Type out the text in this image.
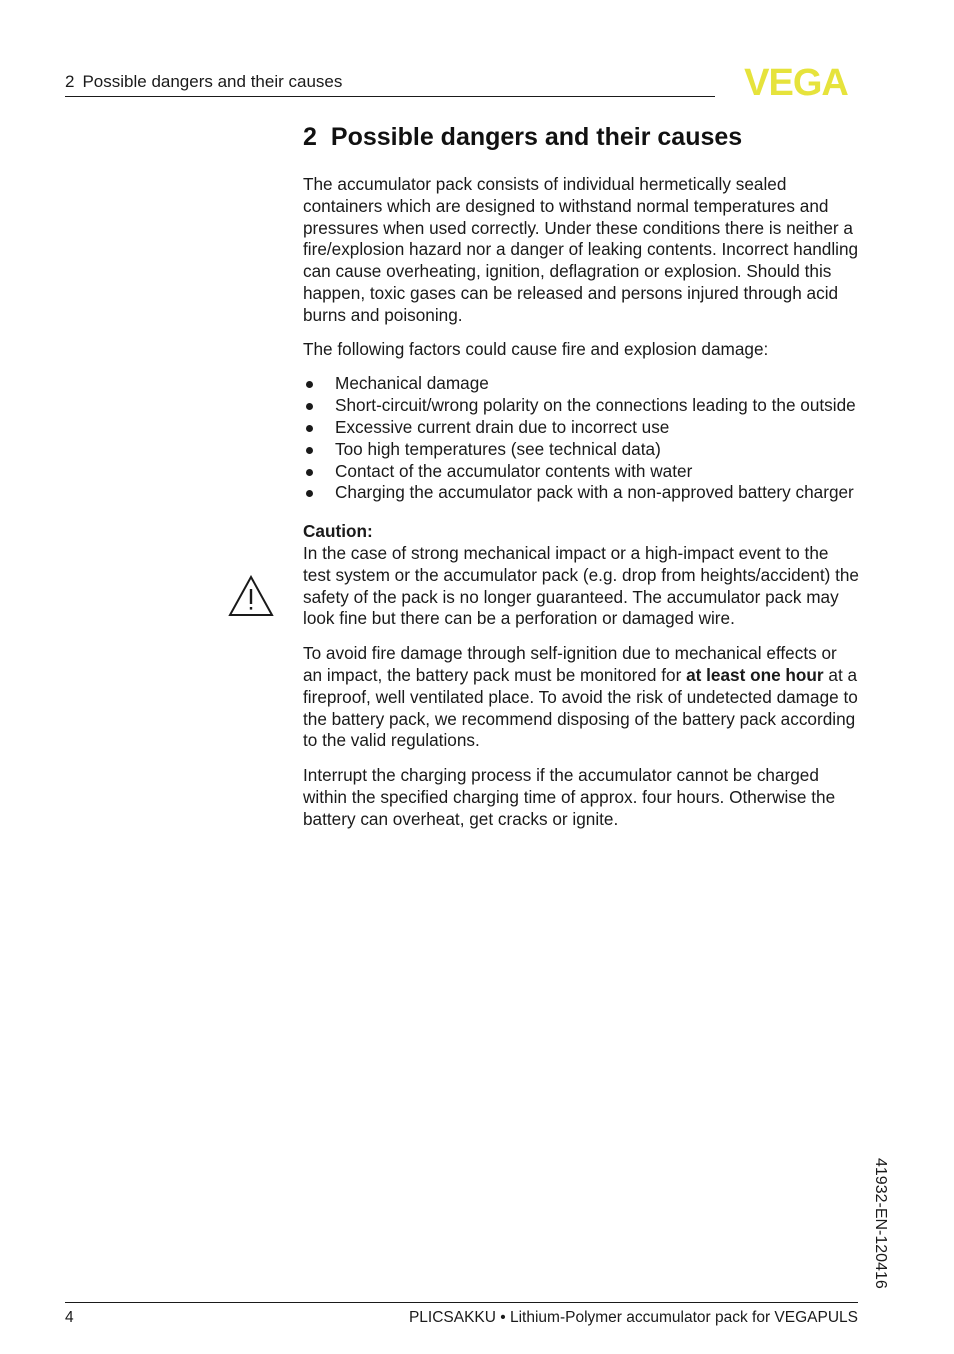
2 Possible dangers and their causes	VEGA
2 Possible dangers and their causes

The accumulator pack consists of individual hermetically sealed containers which are designed to withstand normal temperatures and pressures when used correctly. Under these conditions there is neither a fire/explosion hazard nor a danger of leaking contents. Incorrect handling can cause overheating, ignition, deflagration or explosion. Should this happen, toxic gases can be released and persons injured through acid burns and poisoning.

The following factors could cause fire and explosion damage:

Mechanical damage
Short-circuit/wrong polarity on the connections leading to the outside
Excessive current drain due to incorrect use
Too high temperatures (see technical data)
Contact of the accumulator contents with water
Charging the accumulator pack with a non-approved battery charger

Caution:

In the case of strong mechanical impact or a high-impact event to the test system or the accumulator pack (e.g. drop from heights/accident) the safety of the pack is no longer guaranteed. The accumulator pack may look fine but there can be a perforation or damaged wire.

To avoid fire damage through self-ignition due to mechanical effects or an impact, the battery pack must be monitored for at least one hour at a fireproof, well ventilated place. To avoid the risk of undetected damage to the battery pack, we recommend disposing of the battery pack according to the valid regulations.

Interrupt the charging process if the accumulator cannot be charged within the specified charging time of approx. four hours. Otherwise the battery can overheat, get cracks or ignite.

41932-EN-120416
4	PLICSAKKU • Lithium-Polymer accumulator pack for VEGAPULS
